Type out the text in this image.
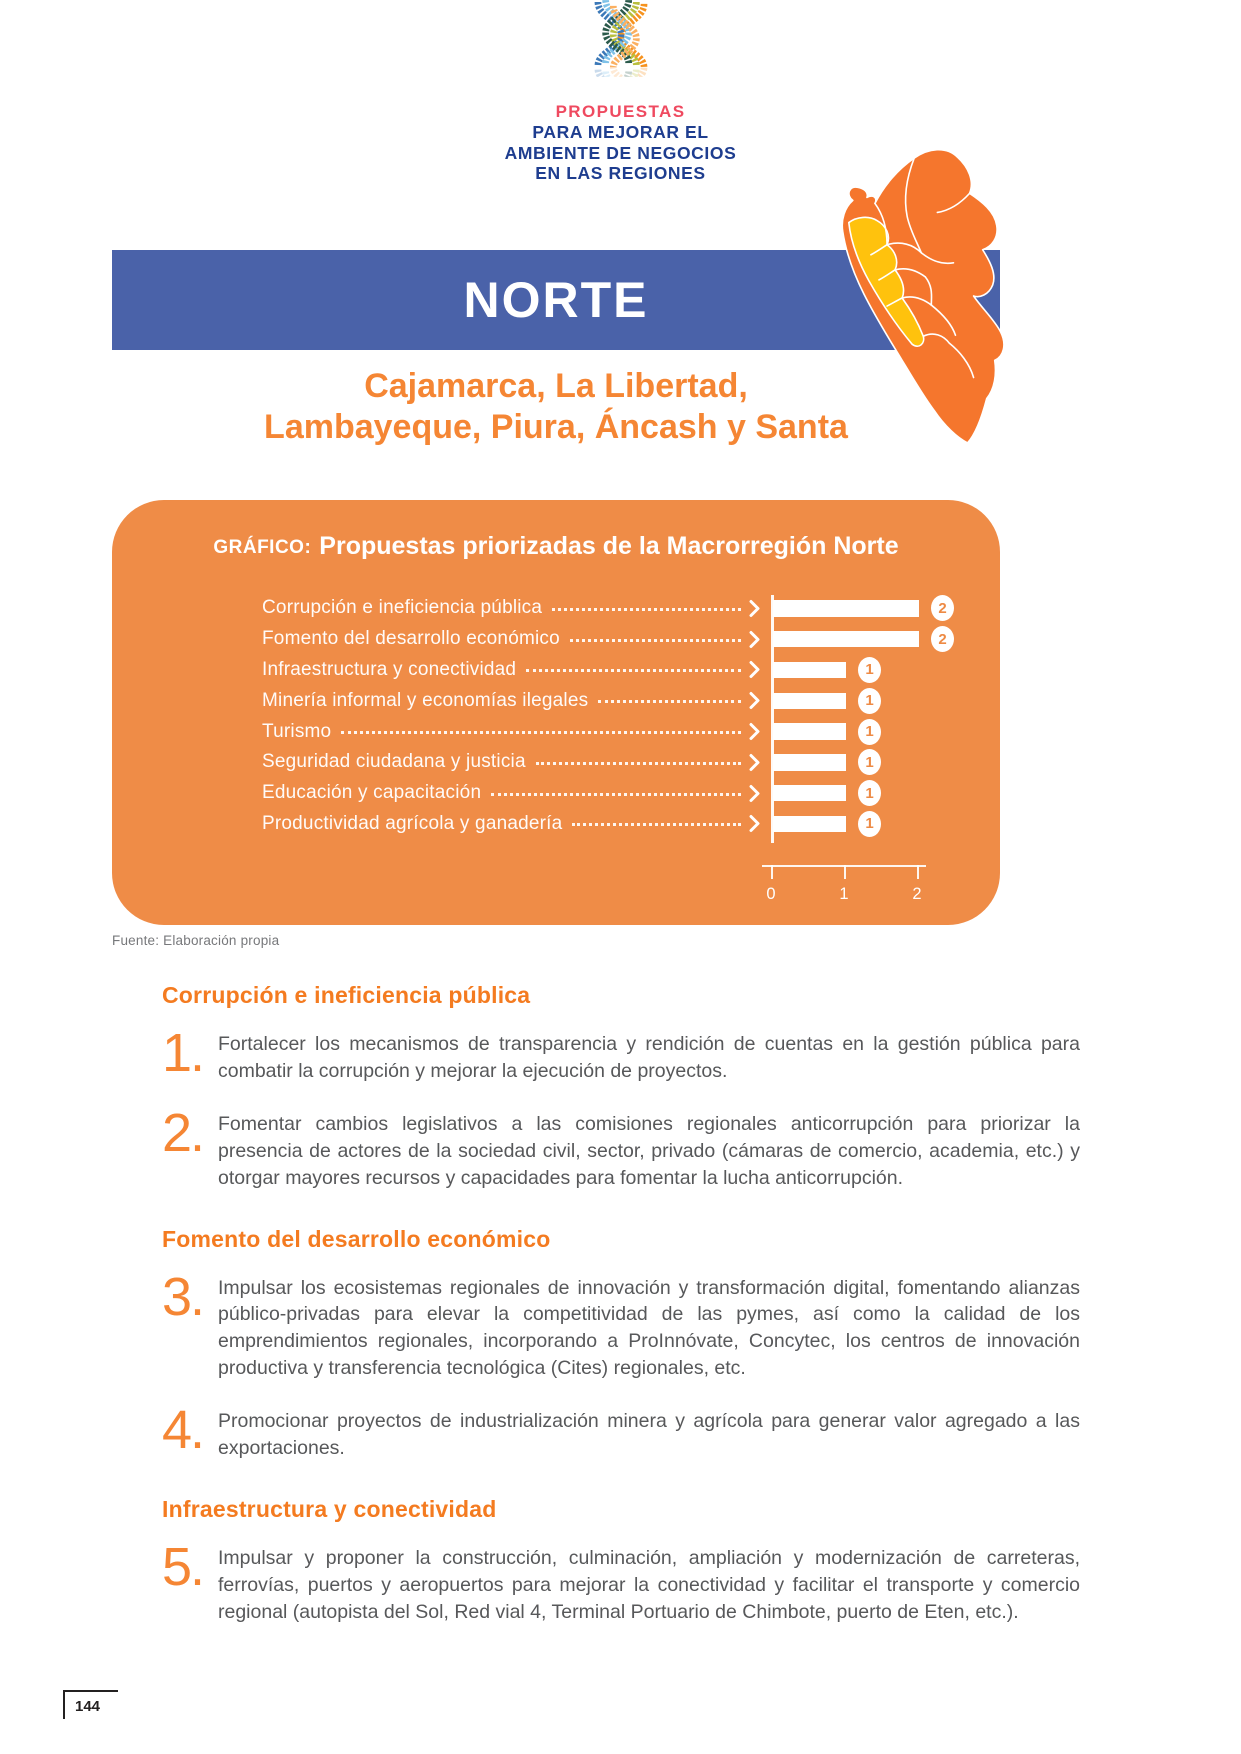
PROPUESTAS
PARA MEJORAR EL
AMBIENTE DE NEGOCIOS
EN LAS REGIONES
NORTE
Cajamarca, La Libertad,
Lambayeque, Piura, Áncash y Santa
GRÁFICO: Propuestas priorizadas de la Macrorregión Norte
Corrupción e ineficiencia pública	2
Fomento del desarrollo económico	2
Infraestructura y conectividad	1
Minería informal y economías ilegales	1
Turismo	1
Seguridad ciudadana y justicia	1
Educación y capacitación	1
Productividad agrícola y ganadería	1
0	1	2
Fuente: Elaboración propia
Corrupción e ineficiencia pública
1. Fortalecer los mecanismos de transparencia y rendición de cuentas en la gestión pública para combatir la corrupción y mejorar la ejecución de proyectos.

2. Fomentar cambios legislativos a las comisiones regionales anticorrupción para priorizar la presencia de actores de la sociedad civil, sector, privado (cámaras de comercio, academia, etc.) y otorgar mayores recursos y capacidades para fomentar la lucha anticorrupción.

Fomento del desarrollo económico
3. Impulsar los ecosistemas regionales de innovación y transformación digital, fomentando alianzas público-privadas para elevar la competitividad de las pymes, así como la calidad de los emprendimientos regionales, incorporando a ProInnóvate, Concytec, los centros de innovación productiva y transferencia tecnológica (Cites) regionales, etc.

4. Promocionar proyectos de industrialización minera y agrícola para generar valor agregado a las exportaciones.

Infraestructura y conectividad
5. Impulsar y proponer la construcción, culminación, ampliación y modernización de carreteras, ferrovías, puertos y aeropuertos para mejorar la conectividad y facilitar el transporte y comercio regional (autopista del Sol, Red vial 4, Terminal Portuario de Chimbote, puerto de Eten, etc.).

144
